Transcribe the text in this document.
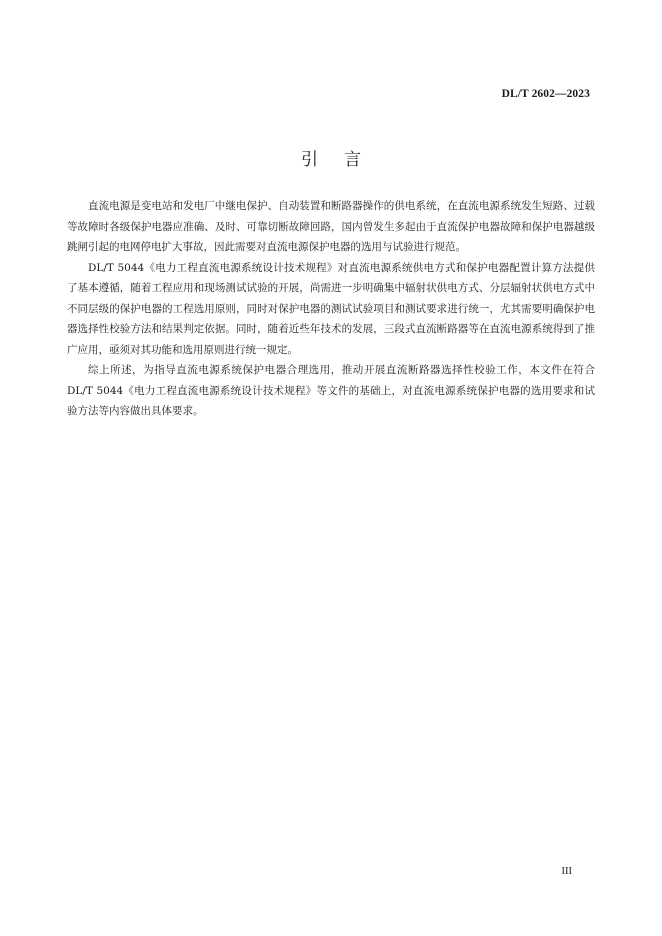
DL/T 2602—2023
引言

直流电源是变电站和发电厂中继电保护、自动装置和断路器操作的供电系统，在直流电源系统发生短路、过载等故障时各级保护电器应准确、及时、可靠切断故障回路，国内曾发生多起由于直流保护电器故障和保护电器越级跳闸引起的电网停电扩大事故，因此需要对直流电源保护电器的选用与试验进行规范。

DL/T 5044《电力工程直流电源系统设计技术规程》对直流电源系统供电方式和保护电器配置计算方法提供了基本遵循，随着工程应用和现场测试试验的开展，尚需进一步明确集中辐射状供电方式、分层辐射状供电方式中不同层级的保护电器的工程选用原则，同时对保护电器的测试试验项目和测试要求进行统一，尤其需要明确保护电器选择性校验方法和结果判定依据。同时，随着近些年技术的发展，三段式直流断路器等在直流电源系统得到了推广应用，亟须对其功能和选用原则进行统一规定。

综上所述，为指导直流电源系统保护电器合理选用，推动开展直流断路器选择性校验工作，本文件在符合 DL/T 5044《电力工程直流电源系统设计技术规程》等文件的基础上，对直流电源系统保护电器的选用要求和试验方法等内容做出具体要求。

III
